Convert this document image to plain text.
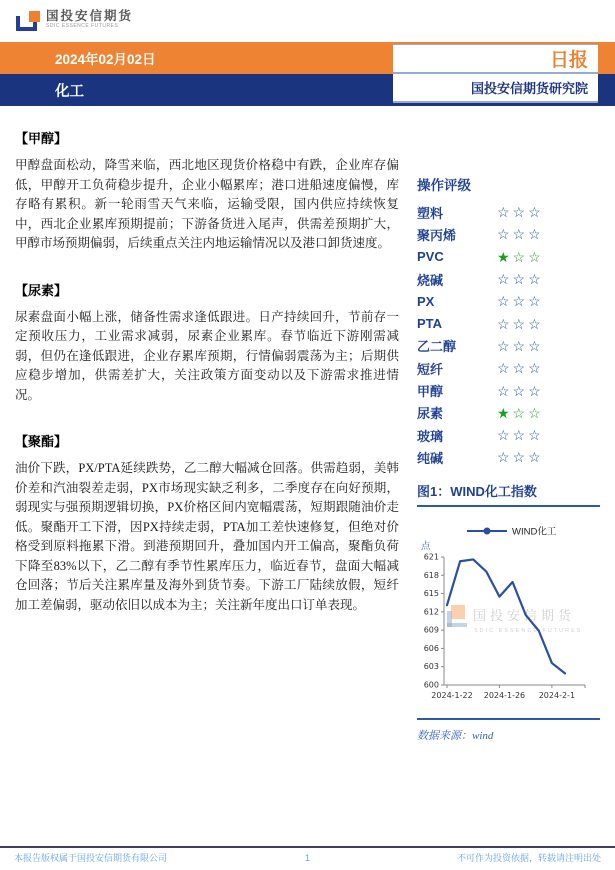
国投安信期货
SDIC ESSENCE FUTURES
2024年02月02日
化工
日报
国投安信期货研究院
【甲醇】
甲醇盘面松动，降雪来临，西北地区现货价格稳中有跌，企业库存偏低，甲醇开工负荷稳步提升，企业小幅累库；港口进船速度偏慢，库存略有累积。新一轮雨雪天气来临，运输受限，国内供应持续恢复中，西北企业累库预期提前；下游备货进入尾声，供需差预期扩大，甲醇市场预期偏弱，后续重点关注内地运输情况以及港口卸货速度。
【尿素】
尿素盘面小幅上涨，储备性需求逢低跟进。日产持续回升，节前存一定预收压力，工业需求减弱，尿素企业累库。春节临近下游刚需减弱，但仍在逢低跟进，企业存累库预期，行情偏弱震荡为主；后期供应稳步增加，供需差扩大，关注政策方面变动以及下游需求推进情况。
【聚酯】
油价下跌，PX/PTA延续跌势，乙二醇大幅减仓回落。供需趋弱，美韩价差和汽油裂差走弱，PX市场现实缺乏利多，二季度存在向好预期，弱现实与强预期逻辑切换，PX价格区间内宽幅震荡，短期跟随油价走低。聚酯开工下滑，因PX持续走弱，PTA加工差快速修复，但绝对价格受到原料拖累下滑。到港预期回升，叠加国内开工偏高，聚酯负荷下降至83%以下，乙二醇有季节性累库压力，临近春节，盘面大幅减仓回落；节后关注累库量及海外到货节奏。下游工厂陆续放假，短纤加工差偏弱，驱动依旧以成本为主；关注新年度出口订单表现。
操作评级
塑料	☆☆☆
聚丙烯	☆☆☆
PVC	★☆☆
烧碱	☆☆☆
PX	☆☆☆
PTA	☆☆☆
乙二醇	☆☆☆
短纤	☆☆☆
甲醇	☆☆☆
尿素	★☆☆
玻璃	☆☆☆
纯碱	☆☆☆
图1：WIND化工指数
国投安信期货
SDIC ESSENCE FUTURES
600
603
606
609
612
615
618
621
2024-1-22 2024-1-26 2024-2-1
WIND化工
点
数据来源：wind
本报告版权属于国投安信期货有限公司	1	不可作为投资依据，转载请注明出处
